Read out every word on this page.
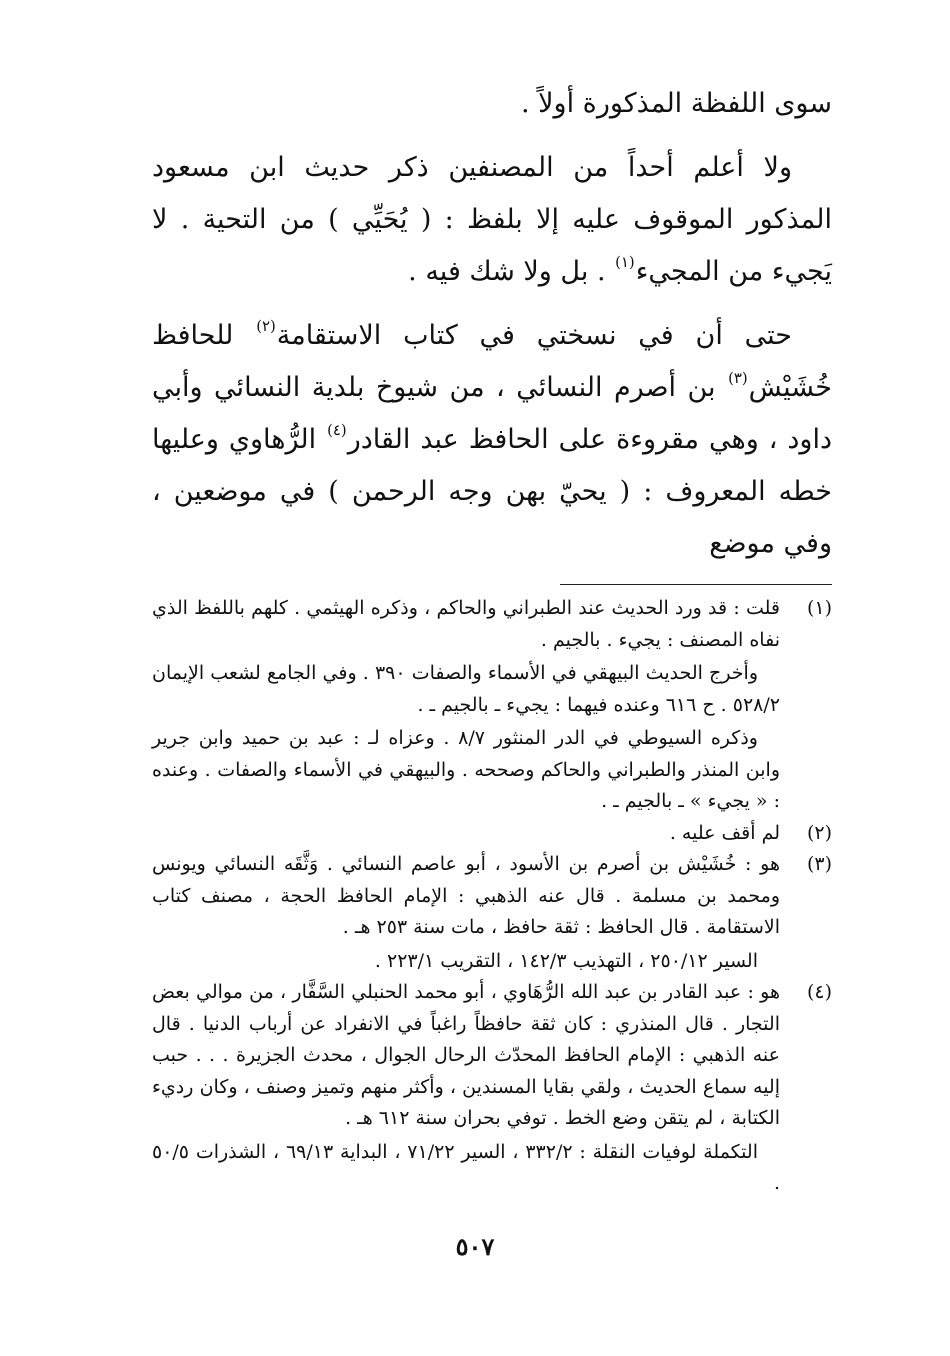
سوى اللفظة المذكورة أولاً .

ولا أعلم أحداً من المصنفين ذكر حديث ابن مسعود المذكور الموقوف عليه إلا بلفظ : ( يُحَيِّي ) من التحية . لا يَجيء من المجيء$^{(١)}$ . بل ولا شك فيه .

حتى أن في نسختي في كتاب الاستقامة$^{(٢)}$ للحافظ خُشَيْش$^{(٣)}$ بن أصرم النسائي ، من شيوخ بلدية النسائي وأبي داود ، وهي مقروءة على الحافظ عبد القادر$^{(٤)}$ الرُّهاوي وعليها خطه المعروف : ( يحيّ بهن وجه الرحمن ) في موضعين ، وفي موضع

(١)

قلت : قد ورد الحديث عند الطبراني والحاكم ، وذكره الهيثمي . كلهم باللفظ الذي نفاه المصنف : يجيء . بالجيم .

وأخرج الحديث البيهقي في الأسماء والصفات ٣٩٠ . وفي الجامع لشعب الإيمان ٥٢٨/٢ . ح ٦١٦ وعنده فيهما : يجيء ـ بالجيم ـ .

وذكره السيوطي في الدر المنثور ٨/٧ . وعزاه لـ : عبد بن حميد وابن جرير وابن المنذر والطبراني والحاكم وصححه . والبيهقي في الأسماء والصفات . وعنده : « يجيء » ـ بالجيم ـ .

(٢)

لم أقف عليه .

(٣)

هو : خُشَيْش بن أصرم بن الأسود ، أبو عاصم النسائي . وَثَّقَه النسائي ويونس ومحمد بن مسلمة . قال عنه الذهبي : الإمام الحافظ الحجة ، مصنف كتاب الاستقامة . قال الحافظ : ثقة حافظ ، مات سنة ٢٥٣ هـ .

السير ٢٥٠/١٢ ، التهذيب ١٤٢/٣ ، التقريب ٢٢٣/١ .

(٤)

هو : عبد القادر بن عبد الله الرُّهَاوي ، أبو محمد الحنبلي السَّفَّار ، من موالي بعض التجار . قال المنذري : كان ثقة حافظاً راغباً في الانفراد عن أرباب الدنيا . قال عنه الذهبي : الإمام الحافظ المحدّث الرحال الجوال ، محدث الجزيرة . . . حبب إليه سماع الحديث ، ولقي بقايا المسندين ، وأكثر منهم وتميز وصنف ، وكان رديء الكتابة ، لم يتقن وضع الخط . توفي بحران سنة ٦١٢ هـ .

التكملة لوفيات النقلة : ٣٣٢/٢ ، السير ٧١/٢٢ ، البداية ٦٩/١٣ ، الشذرات ٥٠/٥ .

٥٠٧
